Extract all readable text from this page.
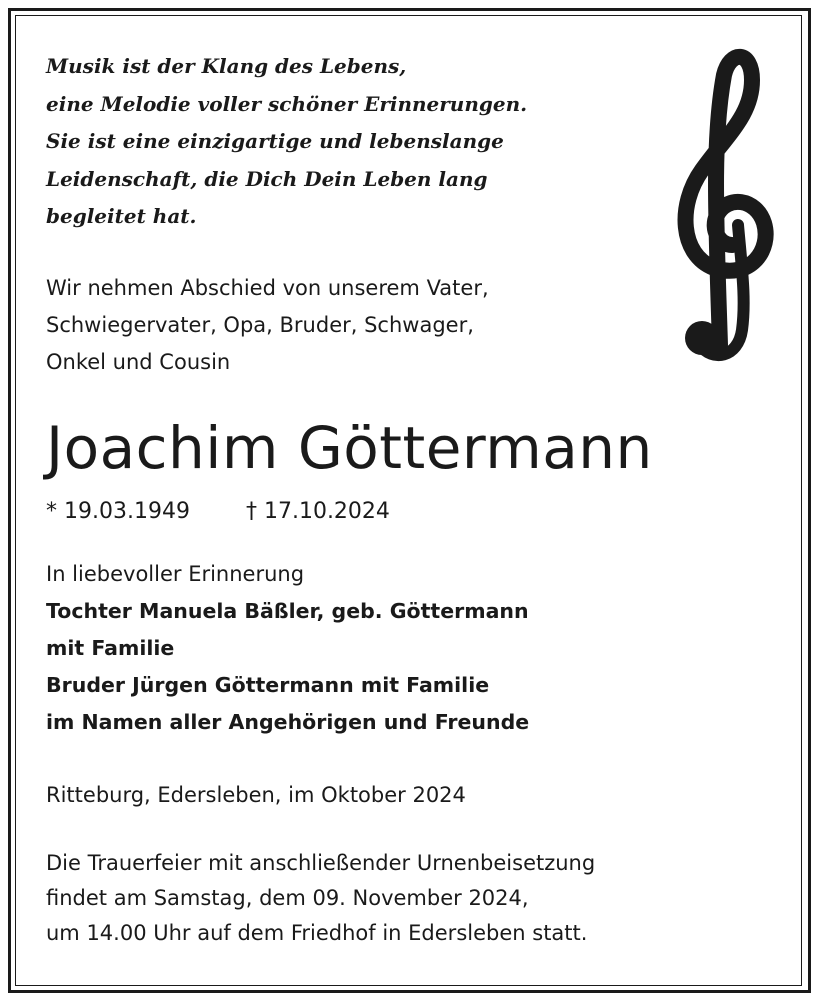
Musik ist der Klang des Lebens,
eine Melodie voller schöner Erinnerungen.
Sie ist eine einzigartige und lebenslange
Leidenschaft, die Dich Dein Leben lang
begleitet hat.
Wir nehmen Abschied von unserem Vater,
Schwiegervater, Opa, Bruder, Schwager,
Onkel und Cousin
Joachim Göttermann
* 19.03.1949	† 17.10.2024
In liebevoller Erinnerung
Tochter Manuela Bäßler, geb. Göttermann
mit Familie
Bruder Jürgen Göttermann mit Familie
im Namen aller Angehörigen und Freunde
Ritteburg, Edersleben, im Oktober 2024
Die Trauerfeier mit anschließender Urnenbeisetzung
findet am Samstag, dem 09. November 2024,
um 14.00 Uhr auf dem Friedhof in Edersleben statt.
